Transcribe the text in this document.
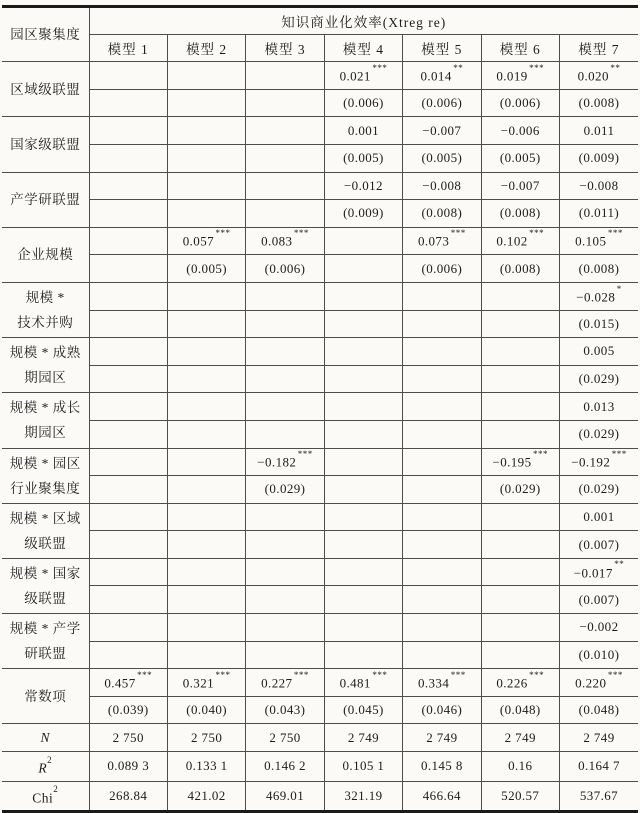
园区聚集度	知识商业化效率(Xtreg re)						
	模型 1	模型 2	模型 3	模型 4	模型 5	模型 6	模型 7
区域级联盟				0.021***	0.014**	0.019***	0.020**
				(0.006)	(0.006)	(0.006)	(0.008)
国家级联盟				0.001	−0.007	−0.006	0.011
				(0.005)	(0.005)	(0.005)	(0.009)
产学研联盟				−0.012	−0.008	−0.007	−0.008
				(0.009)	(0.008)	(0.008)	(0.011)
企业规模		0.057***	0.083***		0.073***	0.102***	0.105***
		(0.005)	(0.006)		(0.006)	(0.008)	(0.008)
规模 *
技术并购							−0.028*
							(0.015)
规模 * 成熟
期园区							0.005
							(0.029)
规模 * 成长
期园区							0.013
							(0.029)
规模 * 园区
行业聚集度			−0.182***			−0.195***	−0.192***
			(0.029)			(0.029)	(0.029)
规模 * 区域
级联盟							0.001
							(0.007)
规模 * 国家
级联盟							−0.017**
							(0.007)
规模 * 产学
研联盟							−0.002
							(0.010)
常数项	0.457***	0.321***	0.227***	0.481***	0.334***	0.226***	0.220***
	(0.039)	(0.040)	(0.043)	(0.045)	(0.046)	(0.048)	(0.048)
N	2 750	2 750	2 750	2 749	2 749	2 749	2 749
$R^2$	0.089 3	0.133 1	0.146 2	0.105 1	0.145 8	0.16	0.164 7
Chi$^2$	268.84	421.02	469.01	321.19	466.64	520.57	537.67
